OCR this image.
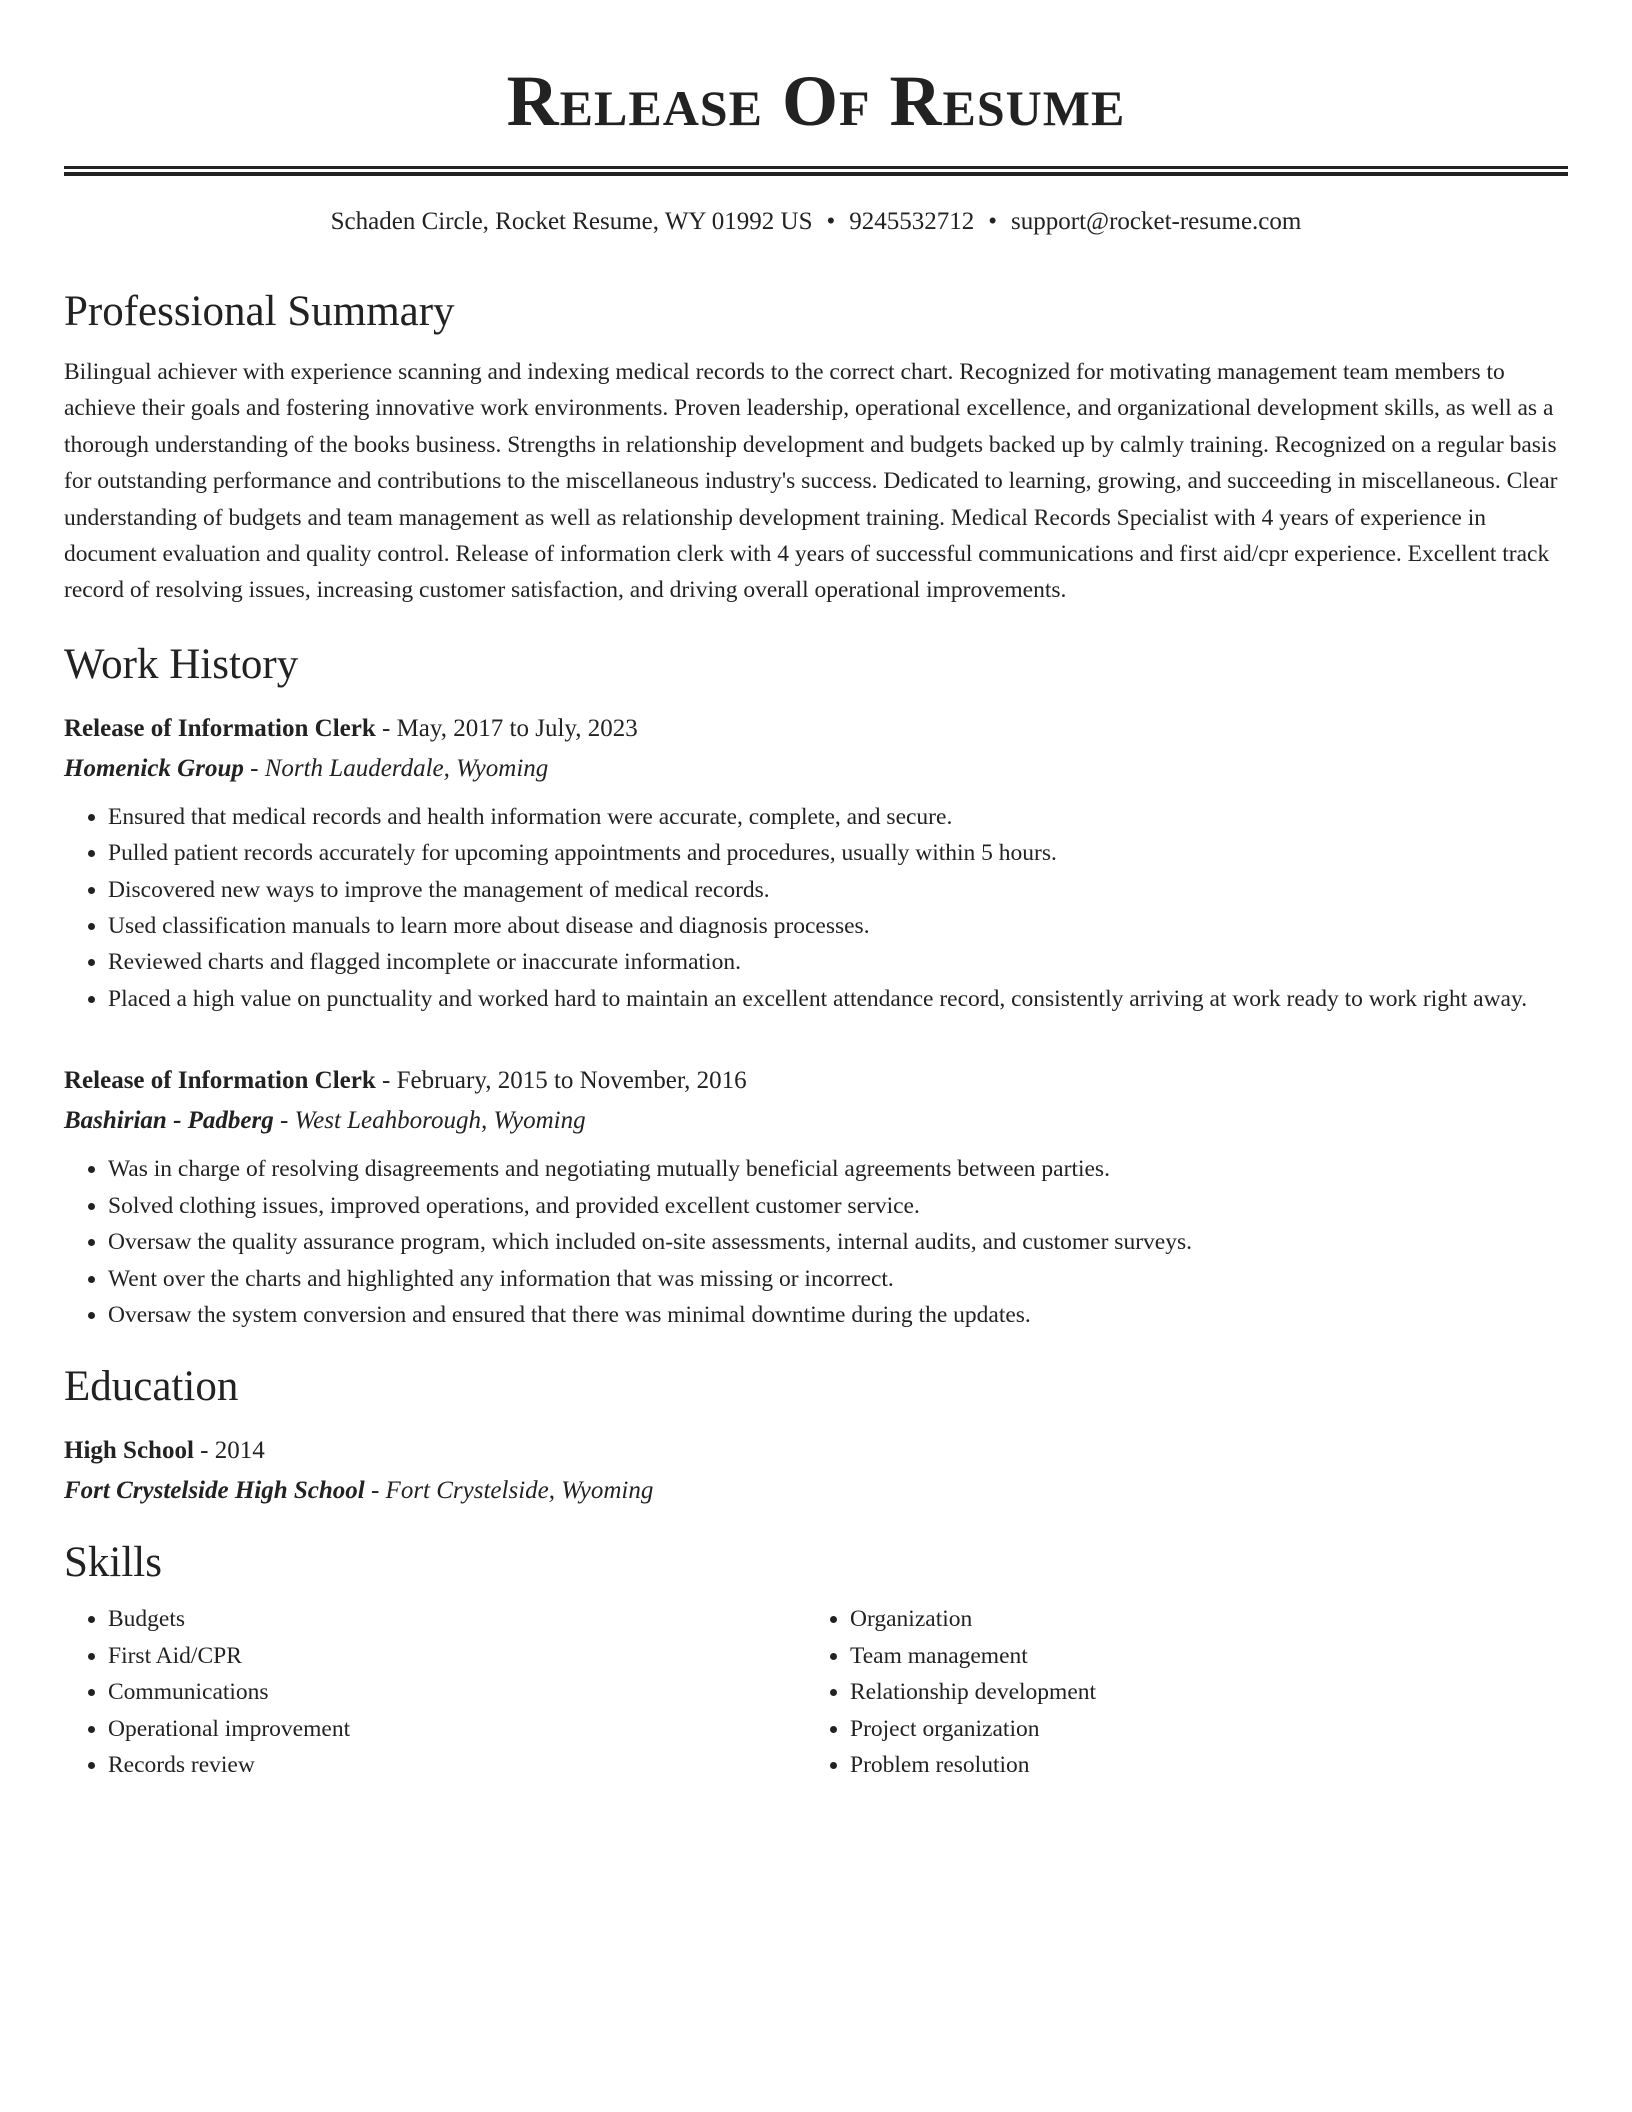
Release Of Resume
Schaden Circle, Rocket Resume, WY 01992 US • 9245532712 • support@rocket-resume.com
Professional Summary

Bilingual achiever with experience scanning and indexing medical records to the correct chart. Recognized for motivating management team members to achieve their goals and fostering innovative work environments. Proven leadership, operational excellence, and organizational development skills, as well as a thorough understanding of the books business. Strengths in relationship development and budgets backed up by calmly training. Recognized on a regular basis for outstanding performance and contributions to the miscellaneous industry's success. Dedicated to learning, growing, and succeeding in miscellaneous. Clear understanding of budgets and team management as well as relationship development training. Medical Records Specialist with 4 years of experience in document evaluation and quality control. Release of information clerk with 4 years of successful communications and first aid/cpr experience. Excellent track record of resolving issues, increasing customer satisfaction, and driving overall operational improvements.

Work History
Release of Information Clerk - May, 2017 to July, 2023
Homenick Group - North Lauderdale, Wyoming
• Ensured that medical records and health information were accurate, complete, and secure.
• Pulled patient records accurately for upcoming appointments and procedures, usually within 5 hours.
• Discovered new ways to improve the management of medical records.
• Used classification manuals to learn more about disease and diagnosis processes.
• Reviewed charts and flagged incomplete or inaccurate information.
• Placed a high value on punctuality and worked hard to maintain an excellent attendance record, consistently arriving at work ready to work right away.
Release of Information Clerk - February, 2015 to November, 2016
Bashirian - Padberg - West Leahborough, Wyoming
• Was in charge of resolving disagreements and negotiating mutually beneficial agreements between parties.
• Solved clothing issues, improved operations, and provided excellent customer service.
• Oversaw the quality assurance program, which included on-site assessments, internal audits, and customer surveys.
• Went over the charts and highlighted any information that was missing or incorrect.
• Oversaw the system conversion and ensured that there was minimal downtime during the updates.
Education
High School - 2014
Fort Crystelside High School - Fort Crystelside, Wyoming
Skills
• Budgets
• First Aid/CPR
• Communications
• Operational improvement
• Records review
• Organization
• Team management
• Relationship development
• Project organization
• Problem resolution
